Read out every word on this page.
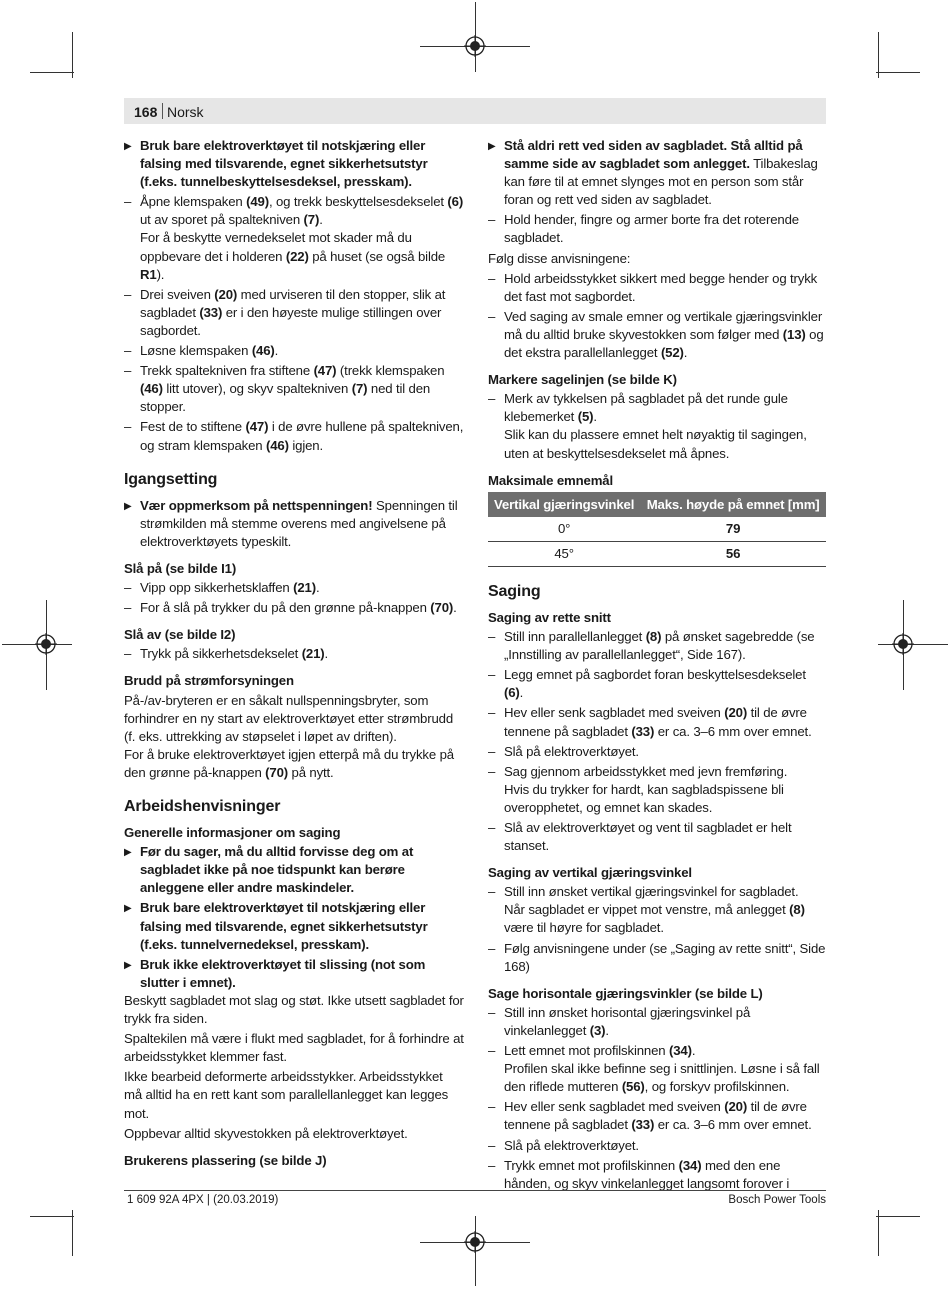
168 Norsk
▶ Bruk bare elektroverktøyet til notskjæring eller falsing med tilsvarende, egnet sikkerhetsutstyr (f.eks. tunnelbeskyttelsesdeksel, presskam).
– Åpne klemspaken (49), og trekk beskyttelsesdekselet (6) ut av sporet på spaltekniven (7).
For å beskytte vernedekselet mot skader må du oppbevare det i holderen (22) på huset (se også bilde R1).
– Drei sveiven (20) med urviseren til den stopper, slik at sagbladet (33) er i den høyeste mulige stillingen over sagbordet.
– Løsne klemspaken (46).
– Trekk spaltekniven fra stiftene (47) (trekk klemspaken (46) litt utover), og skyv spaltekniven (7) ned til den stopper.
– Fest de to stiftene (47) i de øvre hullene på spaltekniven, og stram klemspaken (46) igjen.
Igangsetting
▶ Vær oppmerksom på nettspenningen! Spenningen til strømkilden må stemme overens med angivelsene på elektroverktøyets typeskilt.
Slå på (se bilde I1)
– Vipp opp sikkerhetsklaffen (21).
– For å slå på trykker du på den grønne på-knappen (70).
Slå av (se bilde I2)
– Trykk på sikkerhetsdekselet (21).
Brudd på strømforsyningen
På-/av-bryteren er en såkalt nullspenningsbryter, som forhindrer en ny start av elektroverktøyet etter strømbrudd (f. eks. uttrekking av støpselet i løpet av driften).
For å bruke elektroverktøyet igjen etterpå må du trykke på den grønne på-knappen (70) på nytt.
Arbeidshenvisninger
Generelle informasjoner om saging
▶ Før du sager, må du alltid forvisse deg om at sagbladet ikke på noe tidspunkt kan berøre anleggene eller andre maskindeler.
▶ Bruk bare elektroverktøyet til notskjæring eller falsing med tilsvarende, egnet sikkerhetsutstyr (f.eks. tunnelvernedeksel, presskam).
▶ Bruk ikke elektroverktøyet til slissing (not som slutter i emnet).
Beskytt sagbladet mot slag og støt. Ikke utsett sagbladet for trykk fra siden.
Spaltekilen må være i flukt med sagbladet, for å forhindre at arbeidsstykket klemmer fast.
Ikke bearbeid deformerte arbeidsstykker. Arbeidsstykket må alltid ha en rett kant som parallellanlegget kan legges mot.
Oppbevar alltid skyvestokken på elektroverktøyet.
Brukerens plassering (se bilde J)
▶ Stå aldri rett ved siden av sagbladet. Stå alltid på samme side av sagbladet som anlegget. Tilbakeslag kan føre til at emnet slynges mot en person som står foran og rett ved siden av sagbladet.
– Hold hender, fingre og armer borte fra det roterende sagbladet.
Følg disse anvisningene:
– Hold arbeidsstykket sikkert med begge hender og trykk det fast mot sagbordet.
– Ved saging av smale emner og vertikale gjæringsvinkler må du alltid bruke skyvestokken som følger med (13) og det ekstra parallellanlegget (52).
Markere sagelinjen (se bilde K)
– Merk av tykkelsen på sagbladet på det runde gule klebemerket (5).
Slik kan du plassere emnet helt nøyaktig til sagingen, uten at beskyttelsesdekselet må åpnes.
Maksimale emnemål
Vertikal gjæringsvinkel	Maks. høyde på emnet [mm]
0°	79
45°	56
Saging
Saging av rette snitt
– Still inn parallellanlegget (8) på ønsket sagebredde (se „Innstilling av parallellanlegget“, Side 167).
– Legg emnet på sagbordet foran beskyttelsesdekselet (6).
– Hev eller senk sagbladet med sveiven (20) til de øvre tennene på sagbladet (33) er ca. 3–6 mm over emnet.
– Slå på elektroverktøyet.
– Sag gjennom arbeidsstykket med jevn fremføring.
Hvis du trykker for hardt, kan sagbladspissene bli overopphetet, og emnet kan skades.
– Slå av elektroverktøyet og vent til sagbladet er helt stanset.
Saging av vertikal gjæringsvinkel
– Still inn ønsket vertikal gjæringsvinkel for sagbladet.
Når sagbladet er vippet mot venstre, må anlegget (8) være til høyre for sagbladet.
– Følg anvisningene under (se „Saging av rette snitt“, Side 168)
Sage horisontale gjæringsvinkler (se bilde L)
– Still inn ønsket horisontal gjæringsvinkel på vinkelanlegget (3).
– Lett emnet mot profilskinnen (34).
Profilen skal ikke befinne seg i snittlinjen. Løsne i så fall den riflede mutteren (56), og forskyv profilskinnen.
– Hev eller senk sagbladet med sveiven (20) til de øvre tennene på sagbladet (33) er ca. 3–6 mm over emnet.
– Slå på elektroverktøyet.
– Trykk emnet mot profilskinnen (34) med den ene hånden, og skyv vinkelanlegget langsomt forover i
1 609 92A 4PX | (20.03.2019)	Bosch Power Tools
